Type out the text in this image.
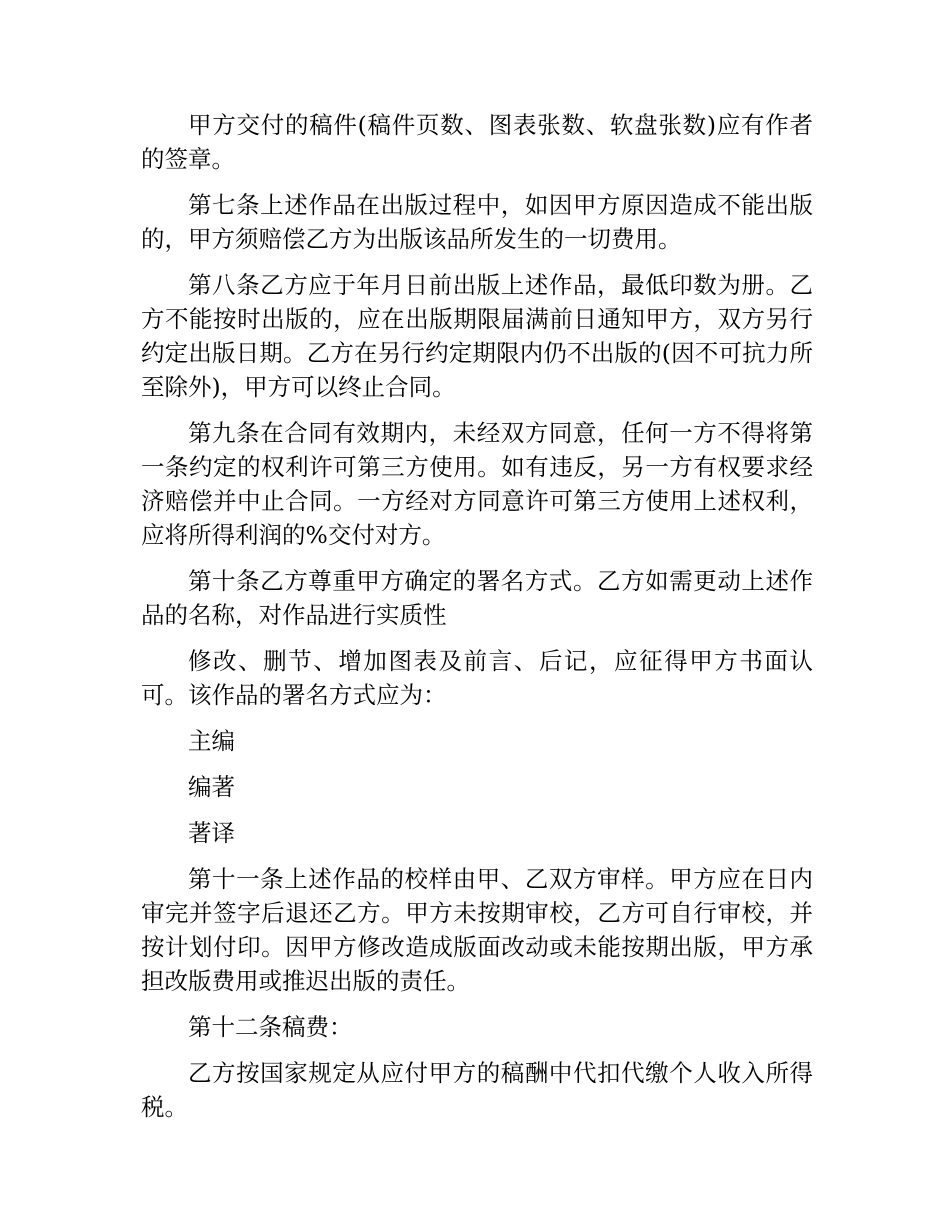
甲方交付的稿件(稿件页数、图表张数、软盘张数)应有作者的签章。

第七条上述作品在出版过程中，如因甲方原因造成不能出版的，甲方须赔偿乙方为出版该品所发生的一切费用。

第八条乙方应于年月日前出版上述作品，最低印数为册。乙方不能按时出版的，应在出版期限届满前日通知甲方，双方另行约定出版日期。乙方在另行约定期限内仍不出版的(因不可抗力所至除外)，甲方可以终止合同。

第九条在合同有效期内，未经双方同意，任何一方不得将第一条约定的权利许可第三方使用。如有违反，另一方有权要求经济赔偿并中止合同。一方经对方同意许可第三方使用上述权利，应将所得利润的%交付对方。

第十条乙方尊重甲方确定的署名方式。乙方如需更动上述作品的名称，对作品进行实质性

修改、删节、增加图表及前言、后记，应征得甲方书面认可。该作品的署名方式应为：

主编

编著

著译

第十一条上述作品的校样由甲、乙双方审样。甲方应在日内审完并签字后退还乙方。甲方未按期审校，乙方可自行审校，并按计划付印。因甲方修改造成版面改动或未能按期出版，甲方承担改版费用或推迟出版的责任。

第十二条稿费：

乙方按国家规定从应付甲方的稿酬中代扣代缴个人收入所得税。
